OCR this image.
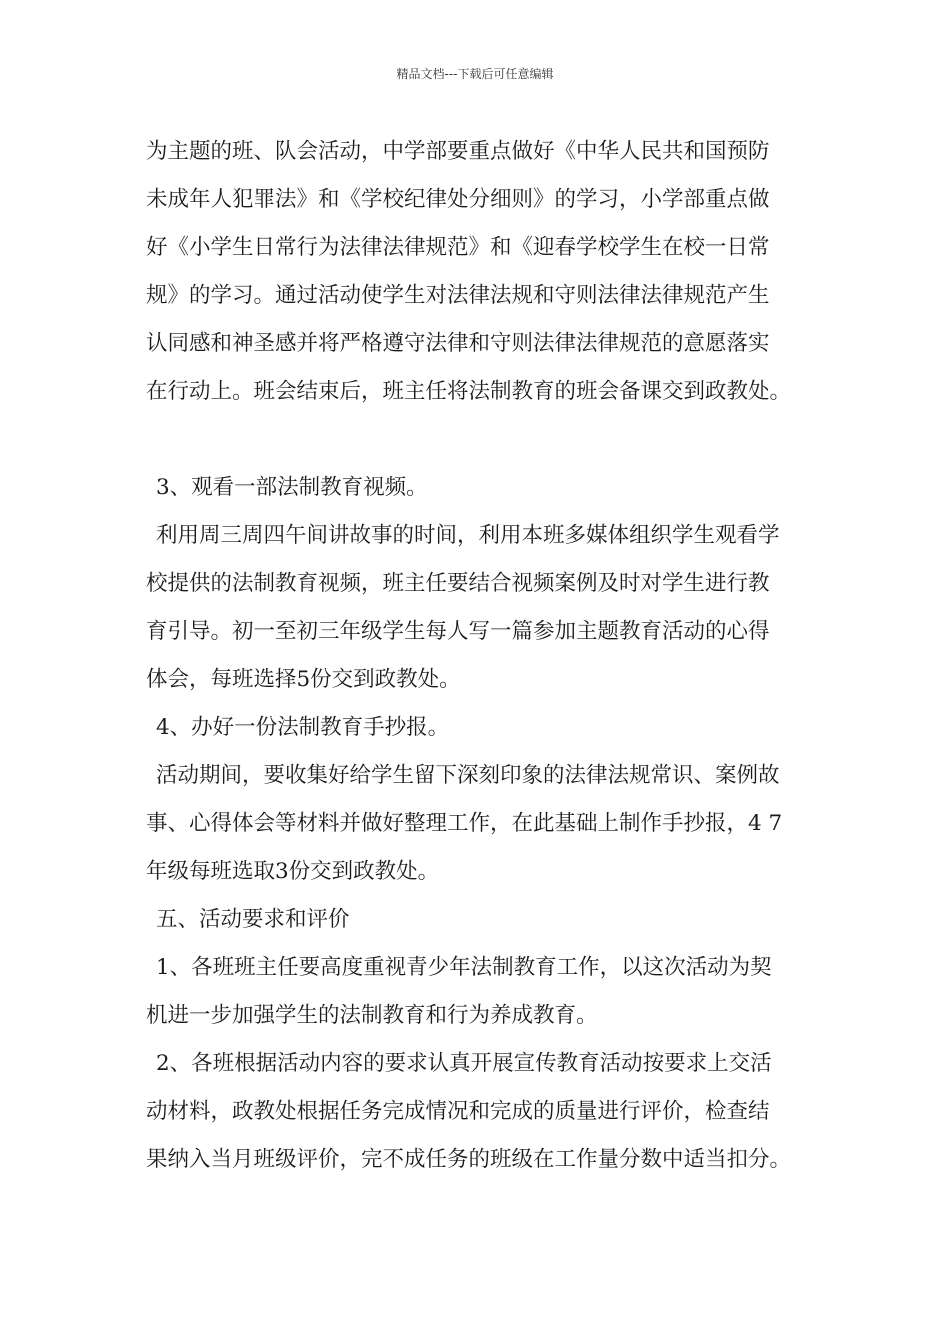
精品文档---下载后可任意编辑
为主题的班、队会活动，中学部要重点做好《中华人民共和国预防
未成年人犯罪法》和《学校纪律处分细则》的学习，小学部重点做
好《小学生日常行为法律法律规范》和《迎春学校学生在校一日常
规》的学习。通过活动使学生对法律法规和守则法律法律规范产生
认同感和神圣感并将严格遵守法律和守则法律法律规范的意愿落实
在行动上。班会结束后，班主任将法制教育的班会备课交到政教处。
3、观看一部法制教育视频。
利用周三周四午间讲故事的时间，利用本班多媒体组织学生观看学
校提供的法制教育视频，班主任要结合视频案例及时对学生进行教
育引导。初一至初三年级学生每人写一篇参加主题教育活动的心得
体会，每班选择5份交到政教处。
4、办好一份法制教育手抄报。
活动期间，要收集好给学生留下深刻印象的法律法规常识、案例故
事、心得体会等材料并做好整理工作，在此基础上制作手抄报，4 7
年级每班选取3份交到政教处。
五、活动要求和评价
1、各班班主任要高度重视青少年法制教育工作，以这次活动为契
机进一步加强学生的法制教育和行为养成教育。
2、各班根据活动内容的要求认真开展宣传教育活动按要求上交活
动材料，政教处根据任务完成情况和完成的质量进行评价，检查结
果纳入当月班级评价，完不成任务的班级在工作量分数中适当扣分。
